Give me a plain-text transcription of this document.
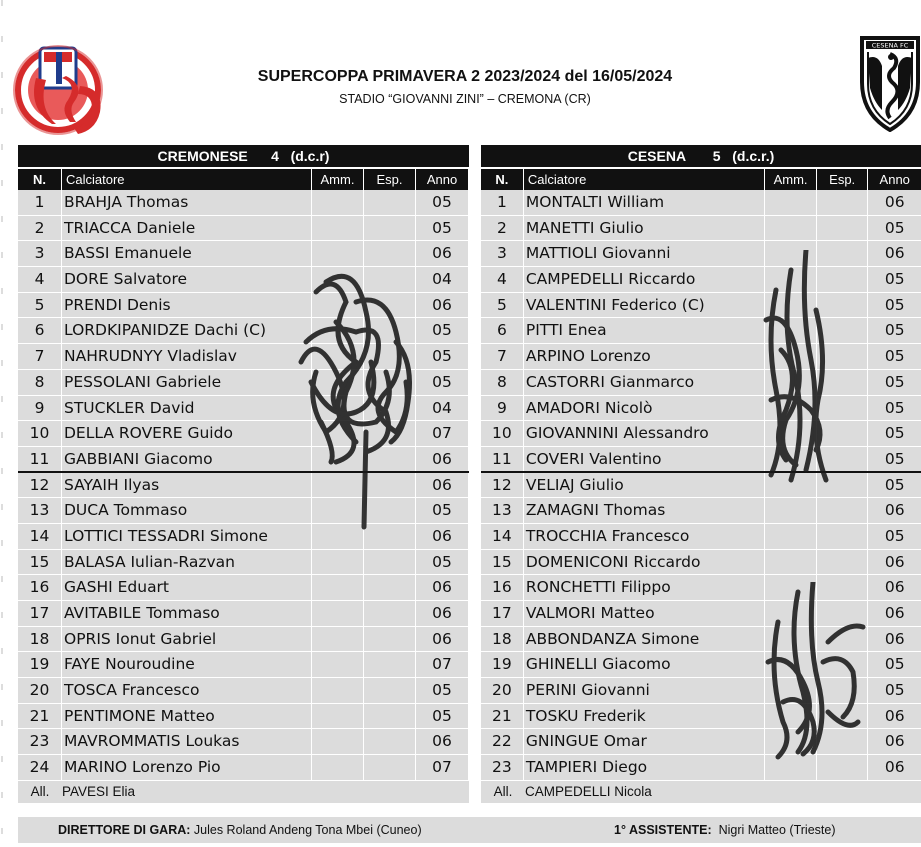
CESENA FC
SUPERCOPPA PRIMAVERA 2 2023/2024 del 16/05/2024
STADIO “GIOVANNI ZINI” – CREMONA (CR)
CREMONESE 4 (d.c.r)
N.	Calciatore	Amm.	Esp.	Anno
1	BRAHJA Thomas	05
2	TRIACCA Daniele	05
3	BASSI Emanuele	06
4	DORE Salvatore	04
5	PRENDI Denis	06
6	LORDKIPANIDZE Dachi (C)	05
7	NAHRUDNYY Vladislav	05
8	PESSOLANI Gabriele	05
9	STUCKLER David	04
10 DELLA ROVERE Guido	07
11 GABBIANI Giacomo	06
12 SAYAIH Ilyas	06
13 DUCA Tommaso	05
14 LOTTICI TESSADRI Simone	06
15 BALASA Iulian-Razvan	05
16 GASHI Eduart	06
17 AVITABILE Tommaso	06
18 OPRIS Ionut Gabriel	06
19 FAYE Nouroudine	07
20 TOSCA Francesco	05
21 PENTIMONE Matteo	05
23 MAVROMMATIS Loukas	06
24 MARINO Lorenzo Pio	07
All. PAVESI Elia
CESENA 5 (d.c.r.)
N.	Calciatore	Amm.	Esp.	Anno
1	MONTALTI William	06
2	MANETTI Giulio	05
3	MATTIOLI Giovanni	06
4	CAMPEDELLI Riccardo	05
5	VALENTINI Federico (C)	05
6	PITTI Enea	05
7	ARPINO Lorenzo	05
8	CASTORRI Gianmarco	05
9	AMADORI Nicolò	05
10 GIOVANNINI Alessandro	05
11 COVERI Valentino	05
12 VELIAJ Giulio	05
13 ZAMAGNI Thomas	06
14 TROCCHIA Francesco	05
15 DOMENICONI Riccardo	06
16 RONCHETTI Filippo	06
17 VALMORI Matteo	06
18 ABBONDANZA Simone	06
19 GHINELLI Giacomo	05
20 PERINI Giovanni	05
21 TOSKU Frederik	06
22 GNINGUE Omar	06
23 TAMPIERI Diego	06
All. CAMPEDELLI Nicola
DIRETTORE DI GARA: Jules Roland Andeng Tona Mbei (Cuneo)	1° ASSISTENTE: Nigri Matteo (Trieste)
